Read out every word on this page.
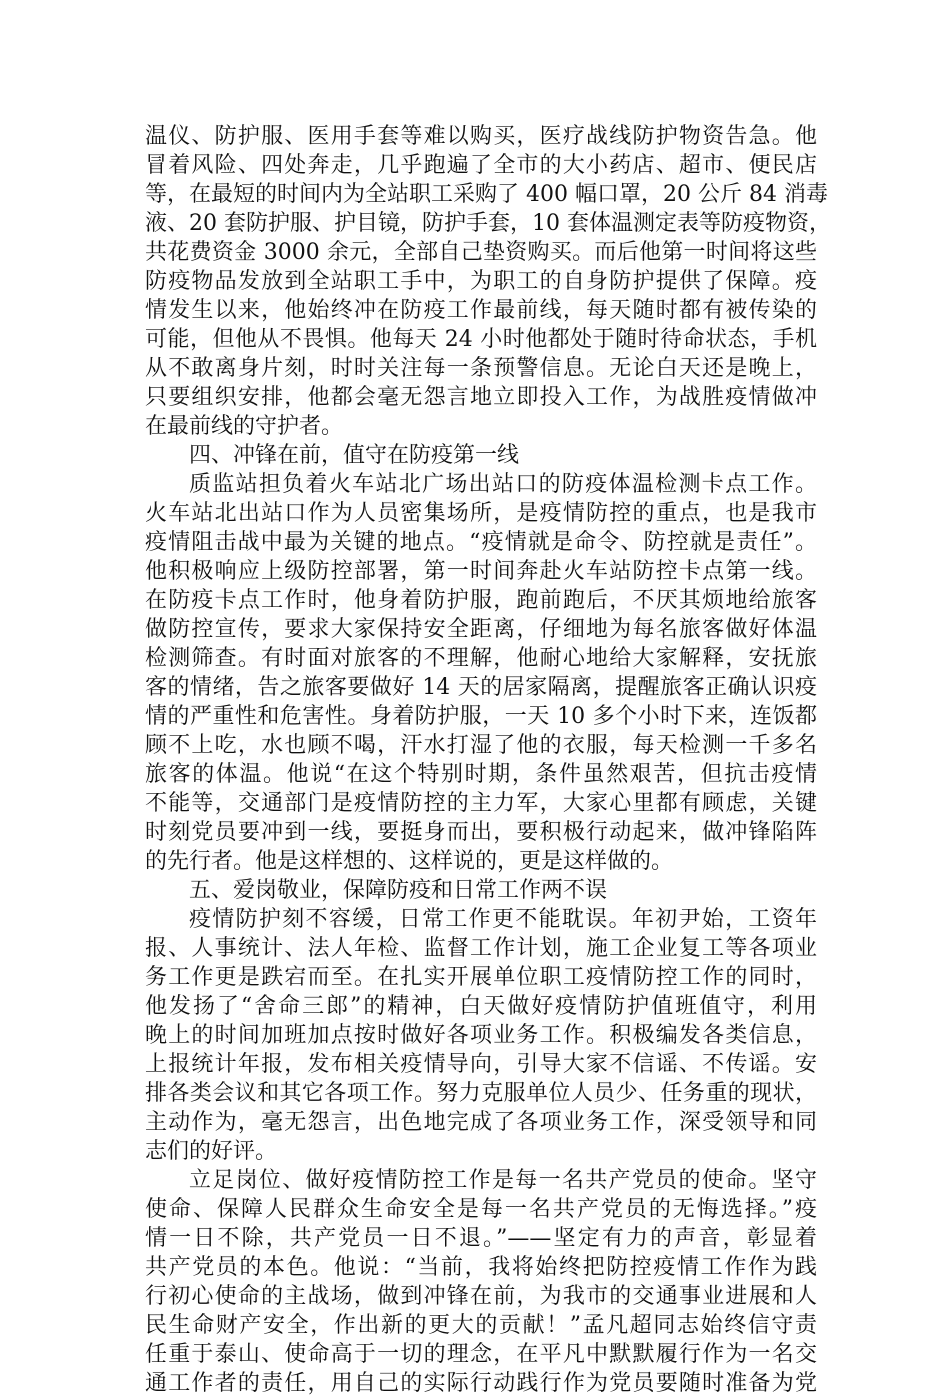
温仪、防护服、医用手套等难以购买，医疗战线防护物资告急。他
冒着风险、四处奔走，几乎跑遍了全市的大小药店、超市、便民店
等，在最短的时间内为全站职工采购了 400 幅口罩，20 公斤 84 消毒
液、20 套防护服、护目镜，防护手套，10 套体温测定表等防疫物资，
共花费资金 3000 余元，全部自己垫资购买。而后他第一时间将这些
防疫物品发放到全站职工手中，为职工的自身防护提供了保障。疫
情发生以来，他始终冲在防疫工作最前线，每天随时都有被传染的
可能，但他从不畏惧。他每天 24 小时他都处于随时待命状态，手机
从不敢离身片刻，时时关注每一条预警信息。无论白天还是晚上，
只要组织安排，他都会毫无怨言地立即投入工作，为战胜疫情做冲
在最前线的守护者。
四、冲锋在前，值守在防疫第一线
质监站担负着火车站北广场出站口的防疫体温检测卡点工作。
火车站北出站口作为人员密集场所，是疫情防控的重点，也是我市
疫情阻击战中最为关键的地点。“疫情就是命令、防控就是责任”。
他积极响应上级防控部署，第一时间奔赴火车站防控卡点第一线。
在防疫卡点工作时，他身着防护服，跑前跑后，不厌其烦地给旅客
做防控宣传，要求大家保持安全距离，仔细地为每名旅客做好体温
检测筛查。有时面对旅客的不理解，他耐心地给大家解释，安抚旅
客的情绪，告之旅客要做好 14 天的居家隔离，提醒旅客正确认识疫
情的严重性和危害性。身着防护服，一天 10 多个小时下来，连饭都
顾不上吃，水也顾不喝，汗水打湿了他的衣服，每天检测一千多名
旅客的体温。他说“在这个特别时期，条件虽然艰苦，但抗击疫情
不能等，交通部门是疫情防控的主力军，大家心里都有顾虑，关键
时刻党员要冲到一线，要挺身而出，要积极行动起来，做冲锋陷阵
的先行者。他是这样想的、这样说的，更是这样做的。
五、爱岗敬业，保障防疫和日常工作两不误
疫情防护刻不容缓，日常工作更不能耽误。年初尹始，工资年
报、人事统计、法人年检、监督工作计划，施工企业复工等各项业
务工作更是跌宕而至。在扎实开展单位职工疫情防控工作的同时，
他发扬了“舍命三郎”的精神，白天做好疫情防护值班值守，利用
晚上的时间加班加点按时做好各项业务工作。积极编发各类信息，
上报统计年报，发布相关疫情导向，引导大家不信谣、不传谣。安
排各类会议和其它各项工作。努力克服单位人员少、任务重的现状，
主动作为，毫无怨言，出色地完成了各项业务工作，深受领导和同
志们的好评。
立足岗位、做好疫情防控工作是每一名共产党员的使命。坚守
使命、保障人民群众生命安全是每一名共产党员的无悔选择。”疫
情一日不除，共产党员一日不退。”——坚定有力的声音，彰显着
共产党员的本色。他说：“当前，我将始终把防控疫情工作作为践
行初心使命的主战场，做到冲锋在前，为我市的交通事业进展和人
民生命财产安全，作出新的更大的贡献！”孟凡超同志始终信守责
任重于泰山、使命高于一切的理念，在平凡中默默履行作为一名交
通工作者的责任，用自己的实际行动践行作为党员要随时准备为党
